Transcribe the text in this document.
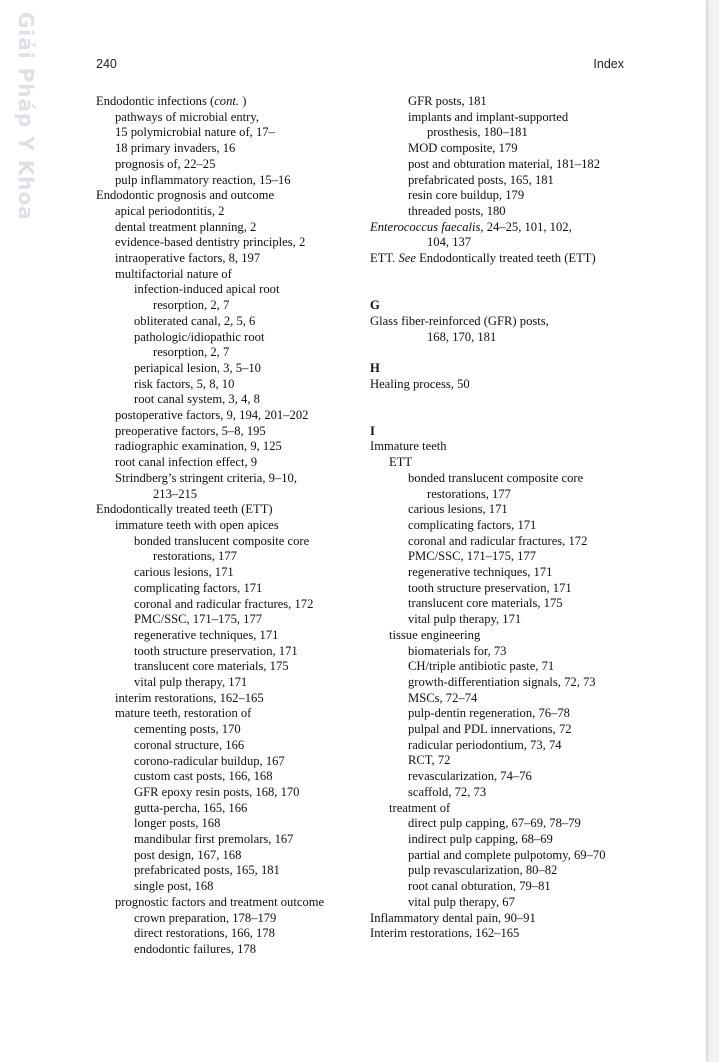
Giải Pháp Y Khoa	240	Index
Endodontic infections (cont. )
pathways of microbial entry,
15 polymicrobial nature of, 17–
18 primary invaders, 16
prognosis of, 22–25
pulp inflammatory reaction, 15–16
Endodontic prognosis and outcome
apical periodontitis, 2
dental treatment planning, 2
evidence-based dentistry principles, 2
intraoperative factors, 8, 197
multifactorial nature of
infection-induced apical root
resorption, 2, 7
obliterated canal, 2, 5, 6
pathologic/idiopathic root
resorption, 2, 7
periapical lesion, 3, 5–10
risk factors, 5, 8, 10
root canal system, 3, 4, 8
postoperative factors, 9, 194, 201–202
preoperative factors, 5–8, 195
radiographic examination, 9, 125
root canal infection effect, 9
Strindberg’s stringent criteria, 9–10,
213–215
Endodontically treated teeth (ETT)
immature teeth with open apices
bonded translucent composite core
restorations, 177
carious lesions, 171
complicating factors, 171
coronal and radicular fractures, 172
PMC/SSC, 171–175, 177
regenerative techniques, 171
tooth structure preservation, 171
translucent core materials, 175
vital pulp therapy, 171
interim restorations, 162–165
mature teeth, restoration of
cementing posts, 170
coronal structure, 166
corono-radicular buildup, 167
custom cast posts, 166, 168
GFR epoxy resin posts, 168, 170
gutta-percha, 165, 166
longer posts, 168
mandibular first premolars, 167
post design, 167, 168
prefabricated posts, 165, 181
single post, 168
prognostic factors and treatment outcome
crown preparation, 178–179
direct restorations, 166, 178
endodontic failures, 178
GFR posts, 181
implants and implant-supported
prosthesis, 180–181
MOD composite, 179
post and obturation material, 181–182
prefabricated posts, 165, 181
resin core buildup, 179
threaded posts, 180
Enterococcus faecalis, 24–25, 101, 102,
104, 137
ETT. See Endodontically treated teeth (ETT)
G
Glass fiber-reinforced (GFR) posts,
168, 170, 181
H
Healing process, 50
I
Immature teeth
ETT
bonded translucent composite core
restorations, 177
carious lesions, 171
complicating factors, 171
coronal and radicular fractures, 172
PMC/SSC, 171–175, 177
regenerative techniques, 171
tooth structure preservation, 171
translucent core materials, 175
vital pulp therapy, 171
tissue engineering
biomaterials for, 73
CH/triple antibiotic paste, 71
growth-differentiation signals, 72, 73
MSCs, 72–74
pulp-dentin regeneration, 76–78
pulpal and PDL innervations, 72
radicular periodontium, 73, 74
RCT, 72
revascularization, 74–76
scaffold, 72, 73
treatment of
direct pulp capping, 67–69, 78–79
indirect pulp capping, 68–69
partial and complete pulpotomy, 69–70
pulp revascularization, 80–82
root canal obturation, 79–81
vital pulp therapy, 67
Inflammatory dental pain, 90–91
Interim restorations, 162–165
